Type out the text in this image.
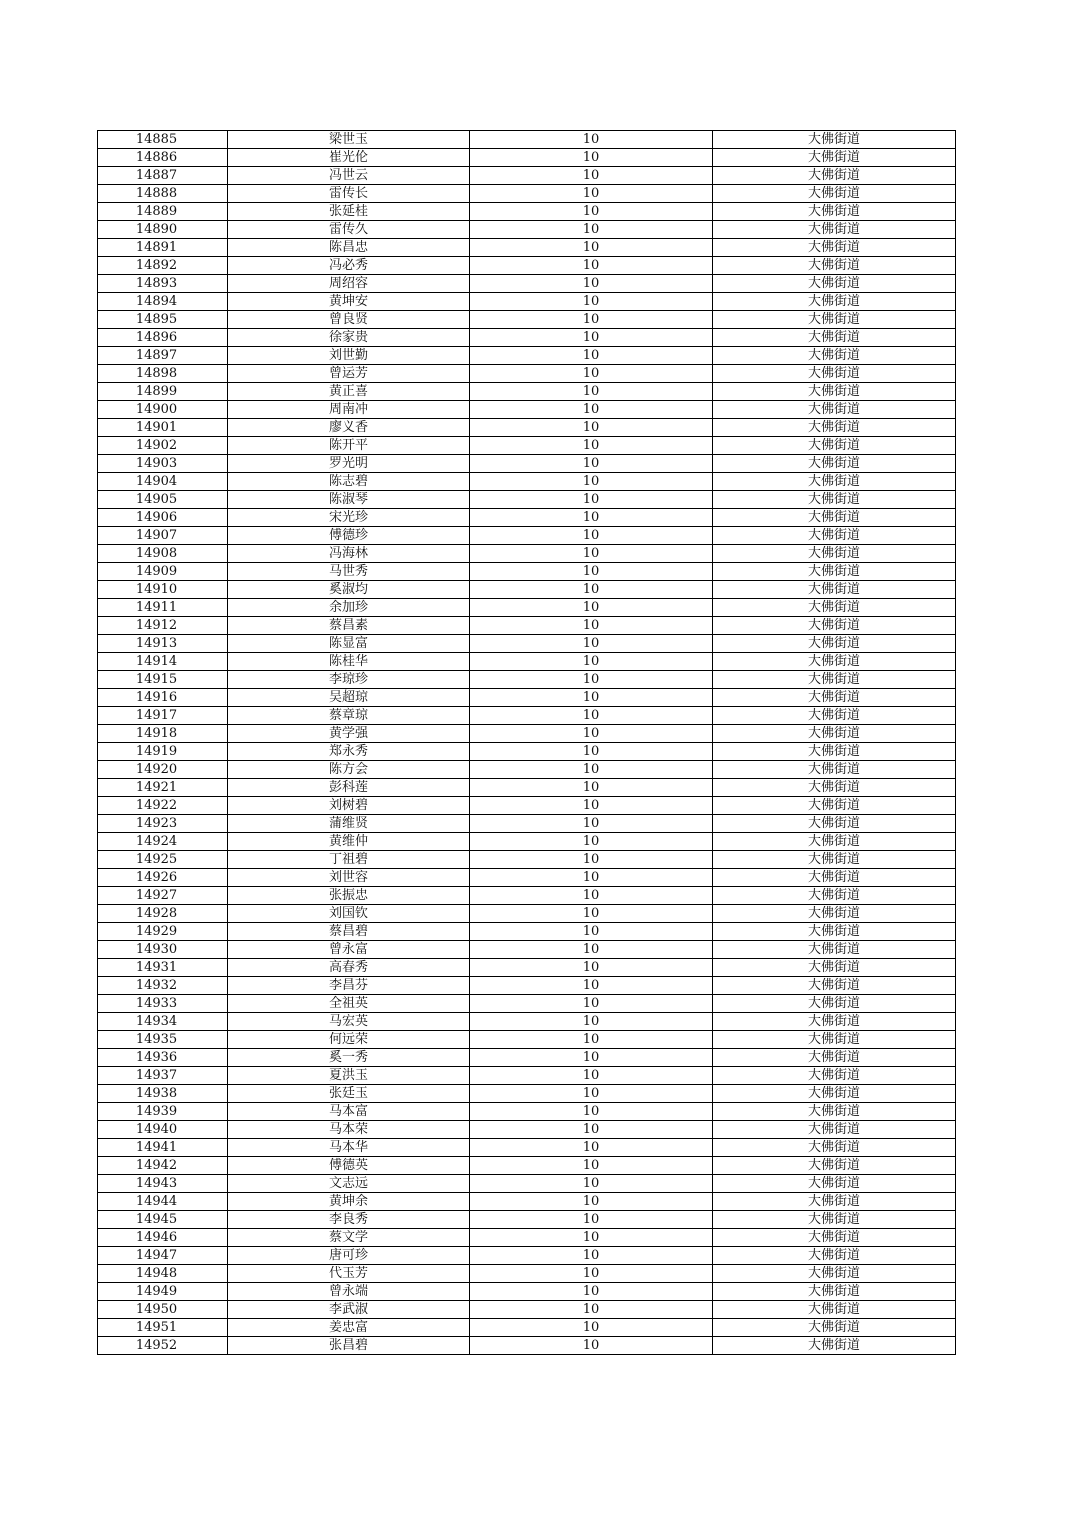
14885	梁世玉	10	大佛街道
14886	崔光伦	10	大佛街道
14887	冯世云	10	大佛街道
14888	雷传长	10	大佛街道
14889	张延桂	10	大佛街道
14890	雷传久	10	大佛街道
14891	陈昌忠	10	大佛街道
14892	冯必秀	10	大佛街道
14893	周绍容	10	大佛街道
14894	黄坤安	10	大佛街道
14895	曾良贤	10	大佛街道
14896	徐家贵	10	大佛街道
14897	刘世勤	10	大佛街道
14898	曾运芳	10	大佛街道
14899	黄正喜	10	大佛街道
14900	周南冲	10	大佛街道
14901	廖义香	10	大佛街道
14902	陈开平	10	大佛街道
14903	罗光明	10	大佛街道
14904	陈志碧	10	大佛街道
14905	陈淑琴	10	大佛街道
14906	宋光珍	10	大佛街道
14907	傅德珍	10	大佛街道
14908	冯海林	10	大佛街道
14909	马世秀	10	大佛街道
14910	奚淑均	10	大佛街道
14911	余加珍	10	大佛街道
14912	蔡昌素	10	大佛街道
14913	陈显富	10	大佛街道
14914	陈桂华	10	大佛街道
14915	李琼珍	10	大佛街道
14916	吴超琼	10	大佛街道
14917	蔡章琼	10	大佛街道
14918	黄学强	10	大佛街道
14919	郑永秀	10	大佛街道
14920	陈方会	10	大佛街道
14921	彭科莲	10	大佛街道
14922	刘树碧	10	大佛街道
14923	蒲维贤	10	大佛街道
14924	黄维仲	10	大佛街道
14925	丁祖碧	10	大佛街道
14926	刘世容	10	大佛街道
14927	张振忠	10	大佛街道
14928	刘国钦	10	大佛街道
14929	蔡昌碧	10	大佛街道
14930	曾永富	10	大佛街道
14931	高春秀	10	大佛街道
14932	李昌芬	10	大佛街道
14933	全祖英	10	大佛街道
14934	马宏英	10	大佛街道
14935	何远荣	10	大佛街道
14936	奚一秀	10	大佛街道
14937	夏洪玉	10	大佛街道
14938	张廷玉	10	大佛街道
14939	马本富	10	大佛街道
14940	马本荣	10	大佛街道
14941	马本华	10	大佛街道
14942	傅德英	10	大佛街道
14943	文志远	10	大佛街道
14944	黄坤余	10	大佛街道
14945	李良秀	10	大佛街道
14946	蔡文学	10	大佛街道
14947	唐可珍	10	大佛街道
14948	代玉芳	10	大佛街道
14949	曾永端	10	大佛街道
14950	李武淑	10	大佛街道
14951	姜忠富	10	大佛街道
14952	张昌碧	10	大佛街道
